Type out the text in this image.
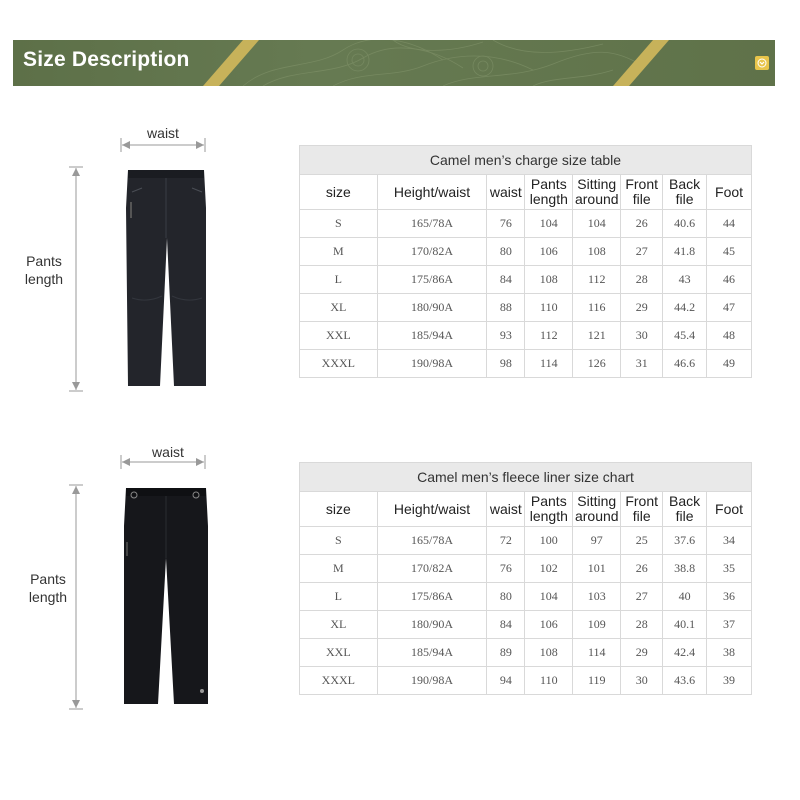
Size Description
waist
Pants
length
Camel men’s charge size table							
size	Height/waist	waist	Pants length	Sitting around	Front file	Back file	Foot
S	165/78A	76	104	104	26	40.6	44
M	170/82A	80	106	108	27	41.8	45
L	175/86A	84	108	112	28	43	46
XL	180/90A	88	110	116	29	44.2	47
XXL	185/94A	93	112	121	30	45.4	48
XXXL	190/98A	98	114	126	31	46.6	49
waist
Pants
length
Camel men’s fleece liner size chart							
size	Height/waist	waist	Pants length	Sitting around	Front file	Back file	Foot
S	165/78A	72	100	97	25	37.6	34
M	170/82A	76	102	101	26	38.8	35
L	175/86A	80	104	103	27	40	36
XL	180/90A	84	106	109	28	40.1	37
XXL	185/94A	89	108	114	29	42.4	38
XXXL	190/98A	94	110	119	30	43.6	39
